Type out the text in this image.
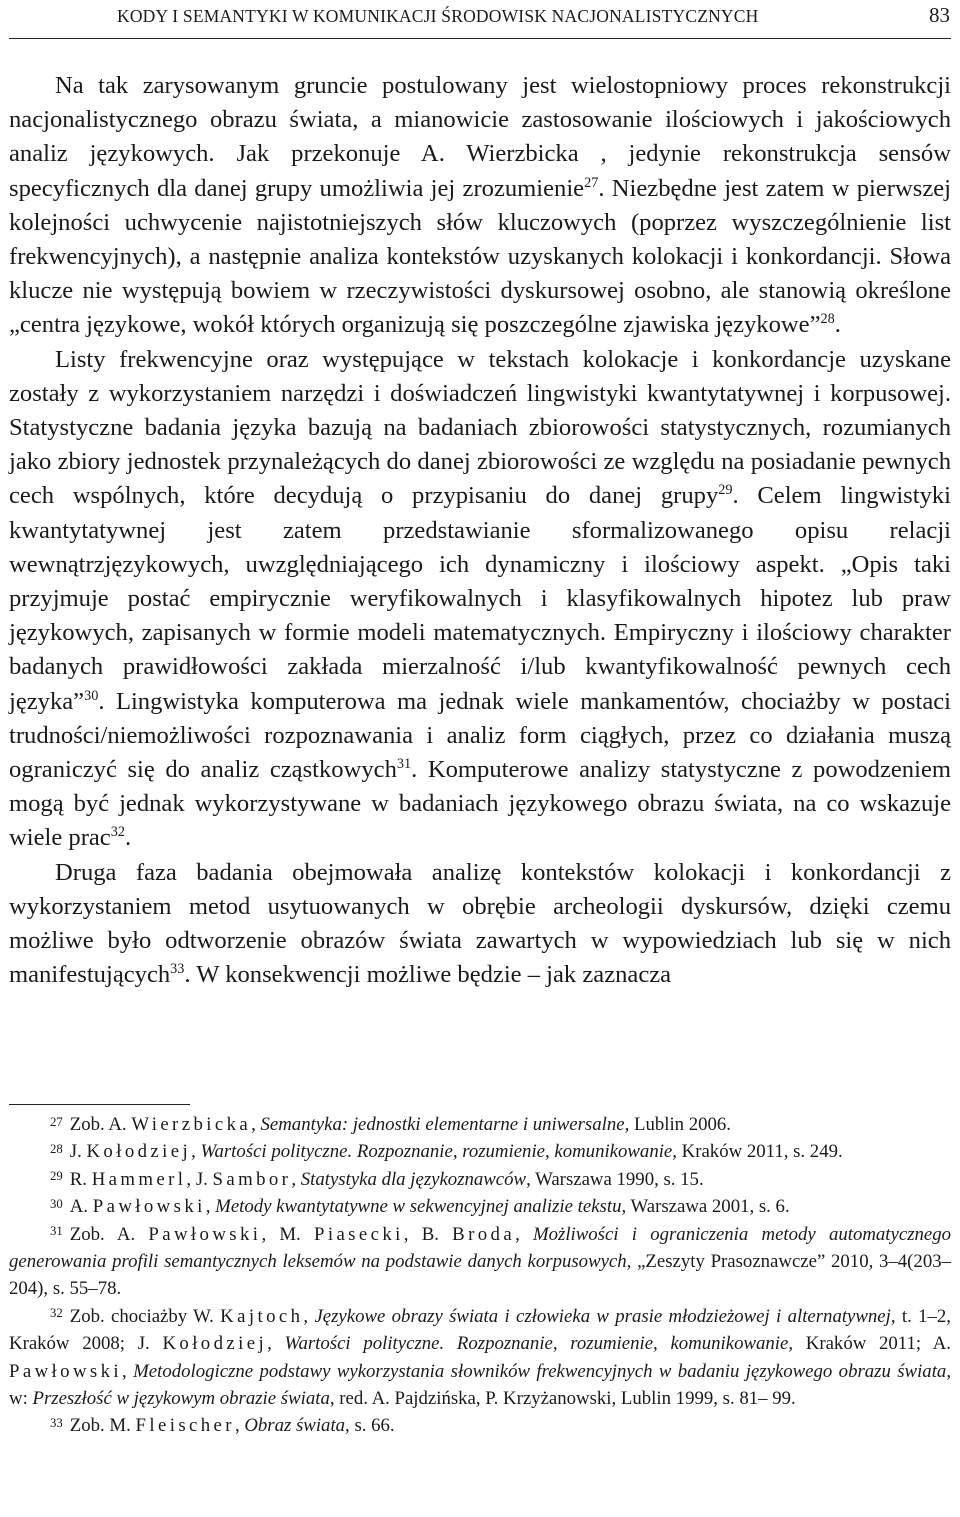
KODY I SEMANTYKI W KOMUNIKACJI ŚRODOWISK NACJONALISTYCZNYCH	83

Na tak zarysowanym gruncie postulowany jest wielostopniowy proces rekonstrukcji nacjonalistycznego obrazu świata, a mianowicie zastosowanie ilościowych i jakościowych analiz językowych. Jak przekonuje A. Wierzbicka , jedynie rekonstrukcja sensów specyficznych dla danej grupy umożliwia jej zrozumienie$^{27}$. Niezbędne jest zatem w pierwszej kolejności uchwycenie najistotniejszych słów kluczowych (poprzez wyszczególnienie list frekwencyjnych), a następnie analiza kontekstów uzyskanych kolokacji i konkordancji. Słowa klucze nie występują bowiem w rzeczywistości dyskursowej osobno, ale stanowią określone „centra językowe, wokół których organizują się poszczególne zjawiska językowe”$^{28}$.

Listy frekwencyjne oraz występujące w tekstach kolokacje i konkordancje uzyskane zostały z wykorzystaniem narzędzi i doświadczeń lingwistyki kwantytatywnej i korpusowej. Statystyczne badania języka bazują na badaniach zbiorowości statystycznych, rozumianych jako zbiory jednostek przynależących do danej zbiorowości ze względu na posiadanie pewnych cech wspólnych, które decydują o przypisaniu do danej grupy$^{29}$. Celem lingwistyki kwantytatywnej jest zatem przedstawianie sformalizowanego opisu relacji wewnątrzjęzykowych, uwzględniającego ich dynamiczny i ilościowy aspekt. „Opis taki przyjmuje postać empirycznie weryfikowalnych i klasyfikowalnych hipotez lub praw językowych, zapisanych w formie modeli matematycznych. Empiryczny i ilościowy charakter badanych prawidłowości zakłada mierzalność i/lub kwantyfikowalność pewnych cech języka”$^{30}$. Lingwistyka komputerowa ma jednak wiele mankamentów, chociażby w postaci trudności/niemożliwości rozpoznawania i analiz form ciągłych, przez co działania muszą ograniczyć się do analiz cząstkowych$^{31}$. Komputerowe analizy statystyczne z powodzeniem mogą być jednak wykorzystywane w badaniach językowego obrazu świata, na co wskazuje wiele prac$^{32}$.

Druga faza badania obejmowała analizę kontekstów kolokacji i konkordancji z wykorzystaniem metod usytuowanych w obrębie archeologii dyskursów, dzięki czemu możliwe było odtworzenie obrazów świata zawartych w wypowiedziach lub się w nich manifestujących$^{33}$. W konsekwencji możliwe będzie – jak zaznacza

$^{27}$ Zob. A. Wierzbicka, Semantyka: jednostki elementarne i uniwersalne, Lublin 2006.

$^{28}$ J. Kołodziej, Wartości polityczne. Rozpoznanie, rozumienie, komunikowanie, Kraków 2011, s. 249.

$^{29}$ R. Hammerl, J. Sambor, Statystyka dla językoznawców, Warszawa 1990, s. 15.

$^{30}$ A. Pawłowski, Metody kwantytatywne w sekwencyjnej analizie tekstu, Warszawa 2001, s. 6.

$^{31}$ Zob. A. Pawłowski, M. Piasecki, B. Broda, Możliwości i ograniczenia metody automatycznego generowania profili semantycznych leksemów na podstawie danych korpusowych, „Zeszyty Prasoznawcze” 2010, 3–4(203–204), s. 55–78.

$^{32}$ Zob. chociażby W. Kajtoch, Językowe obrazy świata i człowieka w prasie młodzieżowej i alternatywnej, t. 1–2, Kraków 2008; J. Kołodziej, Wartości polityczne. Rozpoznanie, rozumienie, komunikowanie, Kraków 2011; A. Pawłowski, Metodologiczne podstawy wykorzystania słowników frekwencyjnych w badaniu językowego obrazu świata, w: Przeszłość w językowym obrazie świata, red. A. Pajdzińska, P. Krzyżanowski, Lublin 1999, s. 81– 99.

$^{33}$ Zob. M. Fleischer, Obraz świata, s. 66.
